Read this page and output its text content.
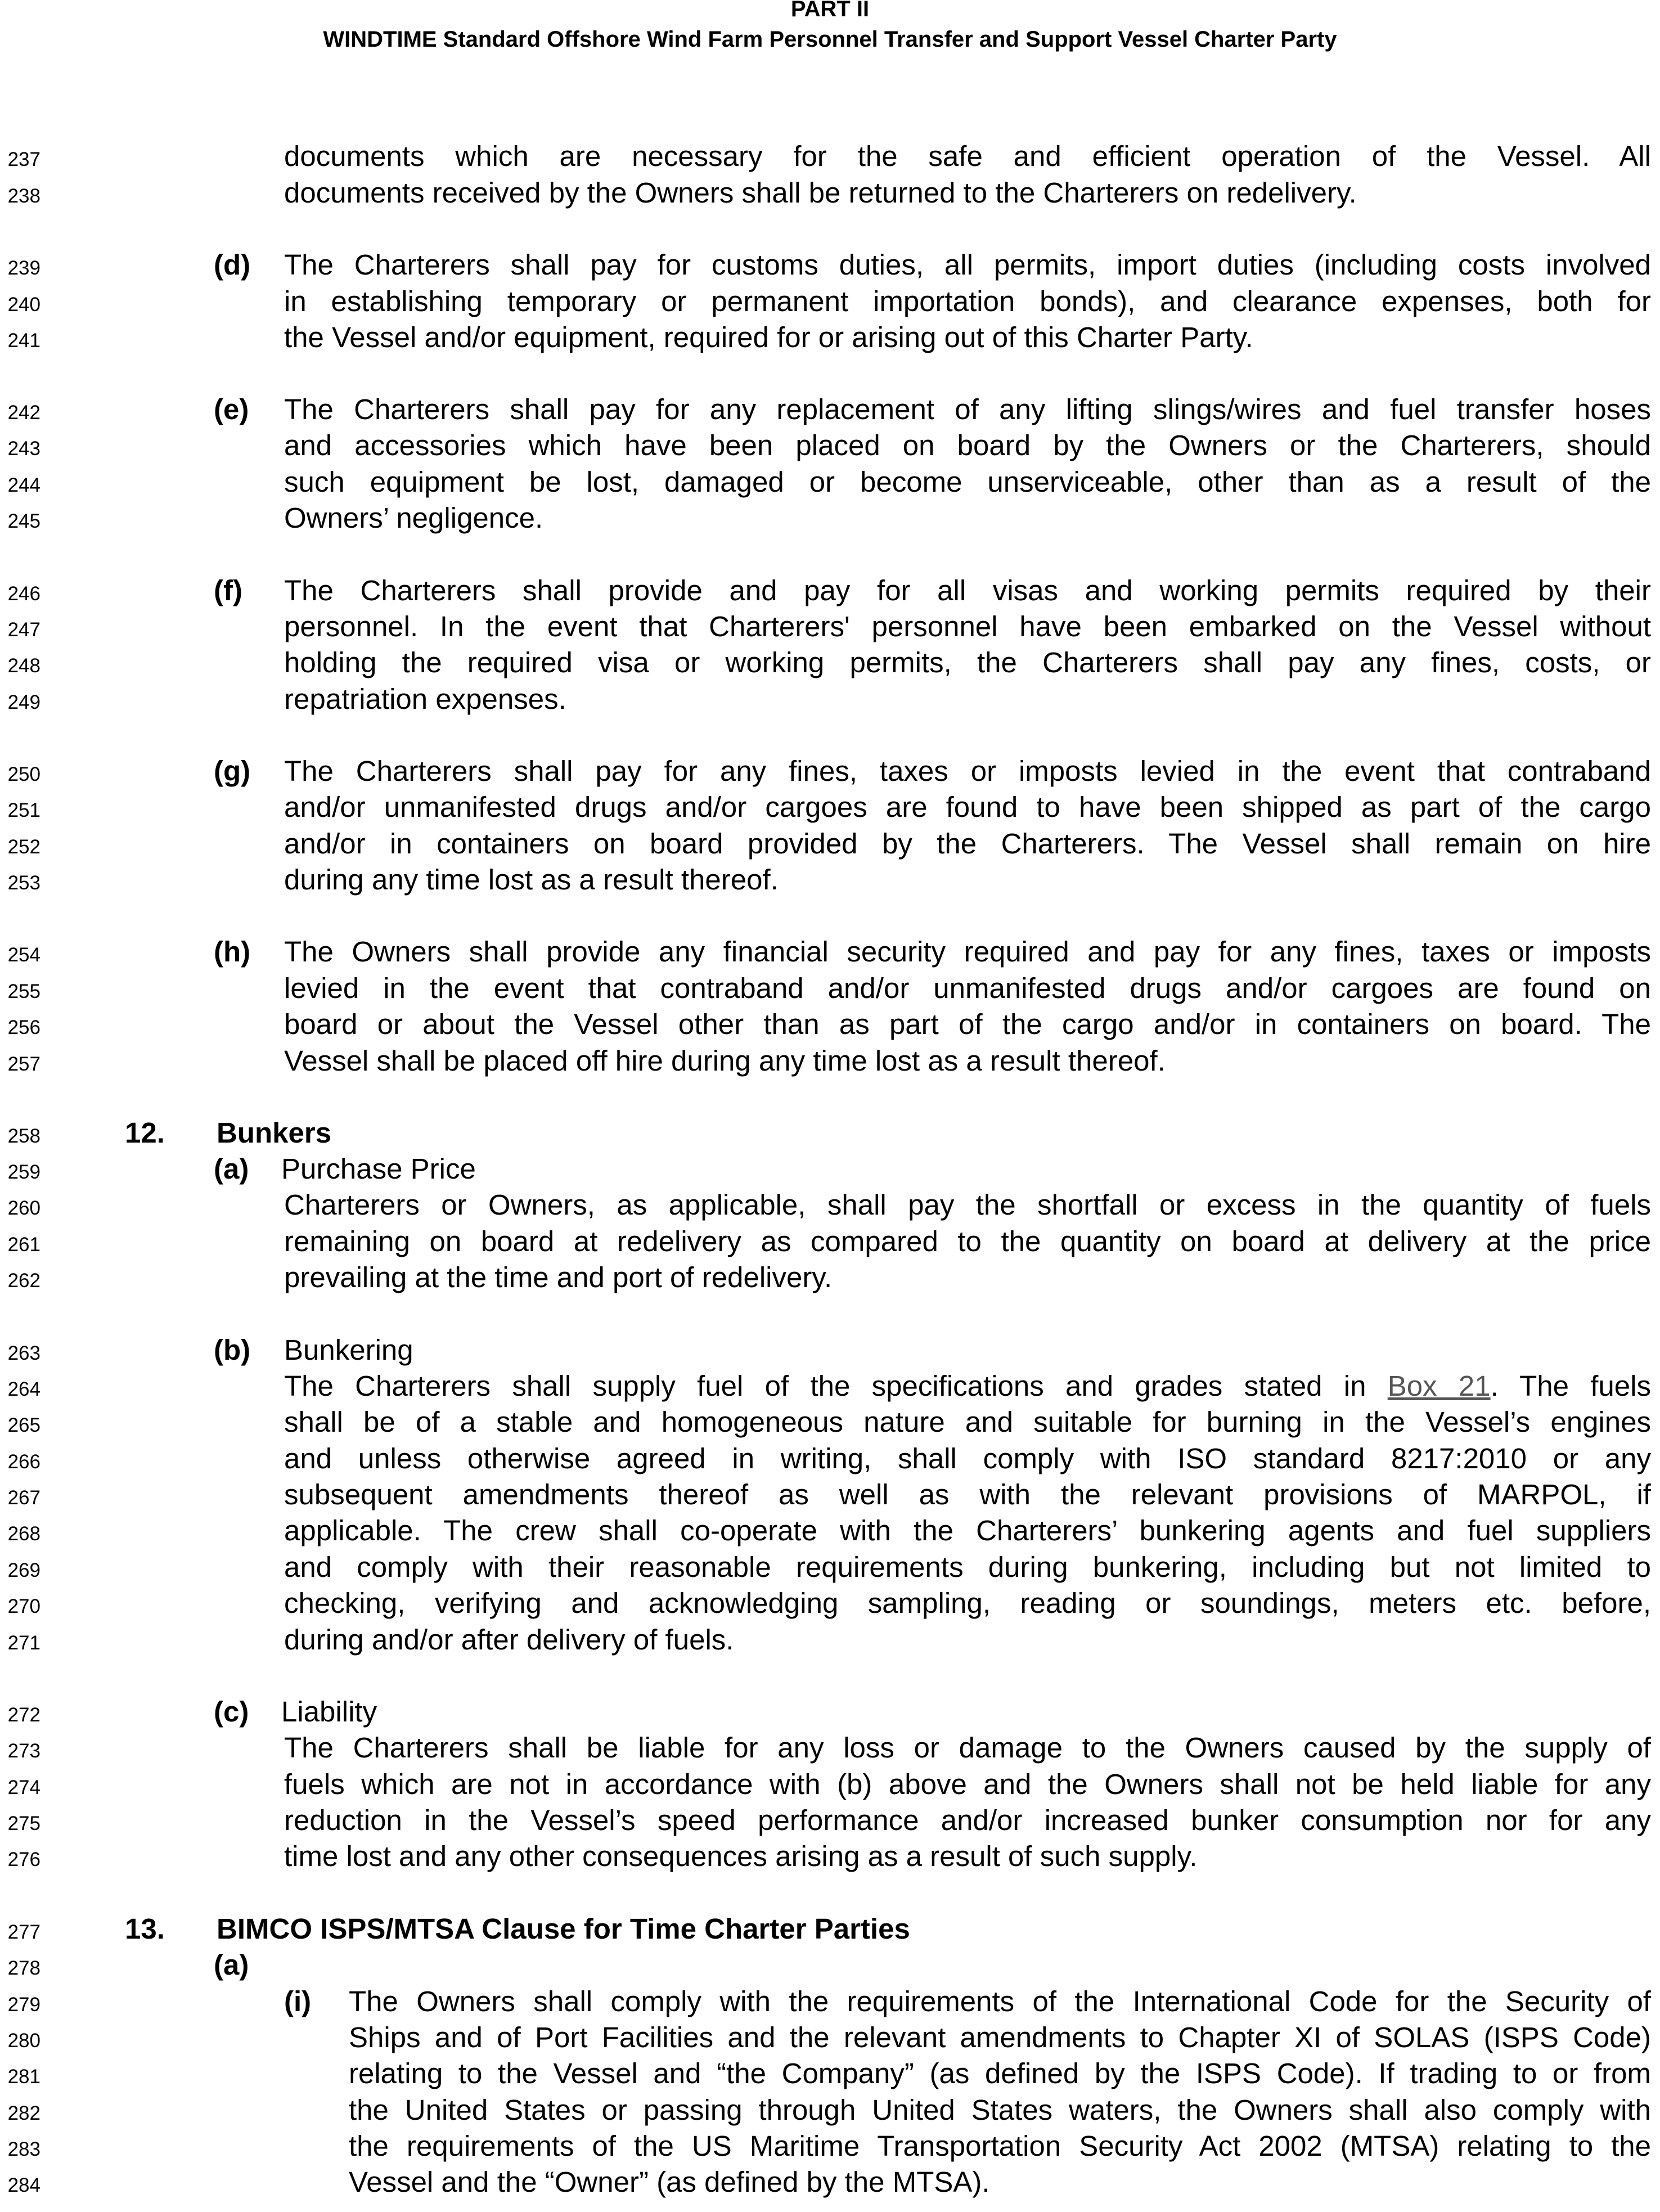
PART II
WINDTIME Standard Offshore Wind Farm Personnel Transfer and Support Vessel Charter Party
237	documents which are necessary for the safe and efficient operation of the Vessel. All
238	documents received by the Owners shall be returned to the Charterers on redelivery.
239	(d) The Charterers shall pay for customs duties, all permits, import duties (including costs involved
240	in establishing temporary or permanent importation bonds), and clearance expenses, both for
241	the Vessel and/or equipment, required for or arising out of this Charter Party.
242	(e) The Charterers shall pay for any replacement of any lifting slings/wires and fuel transfer hoses
243	and accessories which have been placed on board by the Owners or the Charterers, should
244	such equipment be lost, damaged or become unserviceable, other than as a result of the
245	Owners’ negligence.
246	(f) The Charterers shall provide and pay for all visas and working permits required by their
247	personnel. In the event that Charterers' personnel have been embarked on the Vessel without
248	holding the required visa or working permits, the Charterers shall pay any fines, costs, or
249	repatriation expenses.
250	(g) The Charterers shall pay for any fines, taxes or imposts levied in the event that contraband
251	and/or unmanifested drugs and/or cargoes are found to have been shipped as part of the cargo
252	and/or in containers on board provided by the Charterers. The Vessel shall remain on hire
253	during any time lost as a result thereof.
254	(h) The Owners shall provide any financial security required and pay for any fines, taxes or imposts
255	levied in the event that contraband and/or unmanifested drugs and/or cargoes are found on
256	board or about the Vessel other than as part of the cargo and/or in containers on board. The
257	Vessel shall be placed off hire during any time lost as a result thereof.
258	12. Bunkers
259	(a) Purchase Price
260	Charterers or Owners, as applicable, shall pay the shortfall or excess in the quantity of fuels
261	remaining on board at redelivery as compared to the quantity on board at delivery at the price
262	prevailing at the time and port of redelivery.
263	(b) Bunkering
264	The Charterers shall supply fuel of the specifications and grades stated in Box 21. The fuels
265	shall be of a stable and homogeneous nature and suitable for burning in the Vessel’s engines
266	and unless otherwise agreed in writing, shall comply with ISO standard 8217:2010 or any
267	subsequent amendments thereof as well as with the relevant provisions of MARPOL, if
268	applicable. The crew shall co-operate with the Charterers’ bunkering agents and fuel suppliers
269	and comply with their reasonable requirements during bunkering, including but not limited to
270	checking, verifying and acknowledging sampling, reading or soundings, meters etc. before,
271	during and/or after delivery of fuels.
272	(c) Liability
273	The Charterers shall be liable for any loss or damage to the Owners caused by the supply of
274	fuels which are not in accordance with (b) above and the Owners shall not be held liable for any
275	reduction in the Vessel’s speed performance and/or increased bunker consumption nor for any
276	time lost and any other consequences arising as a result of such supply.
277	13. BIMCO ISPS/MTSA Clause for Time Charter Parties
278	(a)
279	(i) The Owners shall comply with the requirements of the International Code for the Security of
280	Ships and of Port Facilities and the relevant amendments to Chapter XI of SOLAS (ISPS Code)
281	relating to the Vessel and “the Company” (as defined by the ISPS Code). If trading to or from
282	the United States or passing through United States waters, the Owners shall also comply with
283	the requirements of the US Maritime Transportation Security Act 2002 (MTSA) relating to the
284	Vessel and the “Owner” (as defined by the MTSA).
